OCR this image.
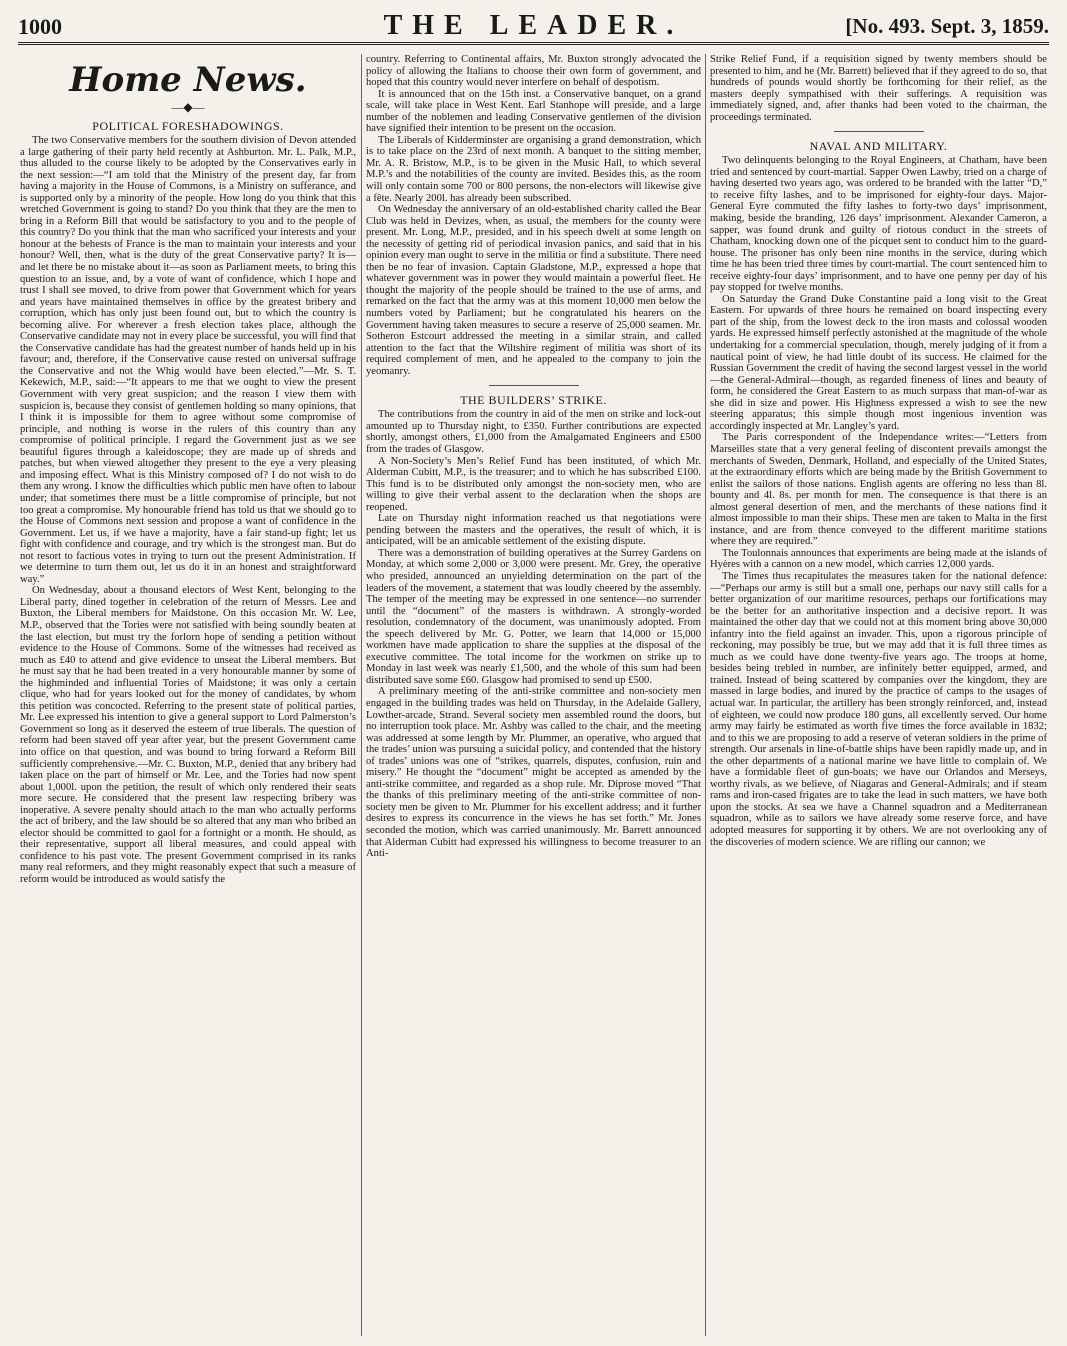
1000	THE LEADER.	[No. 493. Sept. 3, 1859.
Home News.
—◆—
POLITICAL FORESHADOWINGS.

The two Conservative members for the southern division of Devon attended a large gathering of their party held recently at Ashburton. Mr. L. Palk, M.P., thus alluded to the course likely to be adopted by the Conservatives early in the next session:—“I am told that the Ministry of the present day, far from having a majority in the House of Commons, is a Ministry on sufferance, and is supported only by a minority of the people. How long do you think that this wretched Government is going to stand? Do you think that they are the men to bring in a Reform Bill that would be satisfactory to you and to the people of this country? Do you think that the man who sacrificed your interests and your honour at the behests of France is the man to maintain your interests and your honour? Well, then, what is the duty of the great Conservative party? It is—and let there be no mistake about it—as soon as Parliament meets, to bring this question to an issue, and, by a vote of want of confidence, which I hope and trust I shall see moved, to drive from power that Government which for years and years have maintained themselves in office by the greatest bribery and corruption, which has only just been found out, but to which the country is becoming alive. For wherever a fresh election takes place, although the Conservative candidate may not in every place be successful, you will find that the Conservative candidate has had the greatest number of hands held up in his favour; and, therefore, if the Conservative cause rested on universal suffrage the Conservative and not the Whig would have been elected.”—Mr. S. T. Kekewich, M.P., said:—“It appears to me that we ought to view the present Government with very great suspicion; and the reason I view them with suspicion is, because they consist of gentlemen holding so many opinions, that I think it is impossible for them to agree without some compromise of principle, and nothing is worse in the rulers of this country than any compromise of political principle. I regard the Government just as we see beautiful figures through a kaleidoscope; they are made up of shreds and patches, but when viewed altogether they present to the eye a very pleasing and imposing effect. What is this Ministry composed of? I do not wish to do them any wrong. I know the difficulties which public men have often to labour under; that sometimes there must be a little compromise of principle, but not too great a compromise. My honourable friend has told us that we should go to the House of Commons next session and propose a want of confidence in the Government. Let us, if we have a majority, have a fair stand-up fight; let us fight with confidence and courage, and try which is the strongest man. But do not resort to factious votes in trying to turn out the present Administration. If we determine to turn them out, let us do it in an honest and straightforward way.”

On Wednesday, about a thousand electors of West Kent, belonging to the Liberal party, dined together in celebration of the return of Messrs. Lee and Buxton, the Liberal members for Maidstone. On this occasion Mr. W. Lee, M.P., observed that the Tories were not satisfied with being soundly beaten at the last election, but must try the forlorn hope of sending a petition without evidence to the House of Commons. Some of the witnesses had received as much as £40 to attend and give evidence to unseat the Liberal members. But he must say that he had been treated in a very honourable manner by some of the highminded and influential Tories of Maidstone; it was only a certain clique, who had for years looked out for the money of candidates, by whom this petition was concocted. Referring to the present state of political parties, Mr. Lee expressed his intention to give a general support to Lord Palmerston’s Government so long as it deserved the esteem of true liberals. The question of reform had been staved off year after year, but the present Government came into office on that question, and was bound to bring forward a Reform Bill sufficiently comprehensive.—Mr. C. Buxton, M.P., denied that any bribery had taken place on the part of himself or Mr. Lee, and the Tories had now spent about 1,000l. upon the petition, the result of which only rendered their seats more secure. He considered that the present law respecting bribery was inoperative. A severe penalty should attach to the man who actually performs the act of bribery, and the law should be so altered that any man who bribed an elector should be committed to gaol for a fortnight or a month. He should, as their representative, support all liberal measures, and could appeal with confidence to his past vote. The present Government comprised in its ranks many real reformers, and they might reasonably expect that such a measure of reform would be introduced as would satisfy the

country. Referring to Continental affairs, Mr. Buxton strongly advocated the policy of allowing the Italians to choose their own form of government, and hoped that this country would never interfere on behalf of despotism.

It is announced that on the 15th inst. a Conservative banquet, on a grand scale, will take place in West Kent. Earl Stanhope will preside, and a large number of the noblemen and leading Conservative gentlemen of the division have signified their intention to be present on the occasion.

The Liberals of Kidderminster are organising a grand demonstration, which is to take place on the 23rd of next month. A banquet to the sitting member, Mr. A. R. Bristow, M.P., is to be given in the Music Hall, to which several M.P.’s and the notabilities of the county are invited. Besides this, as the room will only contain some 700 or 800 persons, the non-electors will likewise give a fête. Nearly 200l. has already been subscribed.

On Wednesday the anniversary of an old-established charity called the Bear Club was held in Devizes, when, as usual, the members for the county were present. Mr. Long, M.P., presided, and in his speech dwelt at some length on the necessity of getting rid of periodical invasion panics, and said that in his opinion every man ought to serve in the militia or find a substitute. There need then be no fear of invasion. Captain Gladstone, M.P., expressed a hope that whatever government was in power they would maintain a powerful fleet. He thought the majority of the people should be trained to the use of arms, and remarked on the fact that the army was at this moment 10,000 men below the numbers voted by Parliament; but he congratulated his hearers on the Government having taken measures to secure a reserve of 25,000 seamen. Mr. Sotheron Estcourt addressed the meeting in a similar strain, and called attention to the fact that the Wiltshire regiment of militia was short of its required complement of men, and he appealed to the company to join the yeomanry.

THE BUILDERS’ STRIKE.

The contributions from the country in aid of the men on strike and lock-out amounted up to Thursday night, to £350. Further contributions are expected shortly, amongst others, £1,000 from the Amalgamated Engineers and £500 from the trades of Glasgow.

A Non-Society’s Men’s Relief Fund has been instituted, of which Mr. Alderman Cubitt, M.P., is the treasurer; and to which he has subscribed £100. This fund is to be distributed only amongst the non-society men, who are willing to give their verbal assent to the declaration when the shops are reopened.

Late on Thursday night information reached us that negotiations were pending between the masters and the operatives, the result of which, it is anticipated, will be an amicable settlement of the existing dispute.

There was a demonstration of building operatives at the Surrey Gardens on Monday, at which some 2,000 or 3,000 were present. Mr. Grey, the operative who presided, announced an unyielding determination on the part of the leaders of the movement, a statement that was loudly cheered by the assembly. The temper of the meeting may be expressed in one sentence—no surrender until the “document” of the masters is withdrawn. A strongly-worded resolution, condemnatory of the document, was unanimously adopted. From the speech delivered by Mr. G. Potter, we learn that 14,000 or 15,000 workmen have made application to share the supplies at the disposal of the executive committee. The total income for the workmen on strike up to Monday in last week was nearly £1,500, and the whole of this sum had been distributed save some £60. Glasgow had promised to send up £500.

A preliminary meeting of the anti-strike committee and non-society men engaged in the building trades was held on Thursday, in the Adelaide Gallery, Lowther-arcade, Strand. Several society men assembled round the doors, but no interruption took place. Mr. Ashby was called to the chair, and the meeting was addressed at some length by Mr. Plummer, an operative, who argued that the trades’ union was pursuing a suicidal policy, and contended that the history of trades’ unions was one of “strikes, quarrels, disputes, confusion, ruin and misery.” He thought the “document” might be accepted as amended by the anti-strike committee, and regarded as a shop rule. Mr. Diprose moved “That the thanks of this preliminary meeting of the anti-strike committee of non-society men be given to Mr. Plummer for his excellent address; and it further desires to express its concurrence in the views he has set forth.” Mr. Jones seconded the motion, which was carried unanimously. Mr. Barrett announced that Alderman Cubitt had expressed his willingness to become treasurer to an Anti-

Strike Relief Fund, if a requisition signed by twenty members should be presented to him, and he (Mr. Barrett) believed that if they agreed to do so, that hundreds of pounds would shortly be forthcoming for their relief, as the masters deeply sympathised with their sufferings. A requisition was immediately signed, and, after thanks had been voted to the chairman, the proceedings terminated.

NAVAL AND MILITARY.

Two delinquents belonging to the Royal Engineers, at Chatham, have been tried and sentenced by court-martial. Sapper Owen Lawby, tried on a charge of having deserted two years ago, was ordered to be branded with the latter “D,” to receive fifty lashes, and to be imprisoned for eighty-four days. Major-General Eyre commuted the fifty lashes to forty-two days’ imprisonment, making, beside the branding, 126 days’ imprisonment. Alexander Cameron, a sapper, was found drunk and guilty of riotous conduct in the streets of Chatham, knocking down one of the picquet sent to conduct him to the guard-house. The prisoner has only been nine months in the service, during which time he has been tried three times by court-martial. The court sentenced him to receive eighty-four days’ imprisonment, and to have one penny per day of his pay stopped for twelve months.

On Saturday the Grand Duke Constantine paid a long visit to the Great Eastern. For upwards of three hours he remained on board inspecting every part of the ship, from the lowest deck to the iron masts and colossal wooden yards. He expressed himself perfectly astonished at the magnitude of the whole undertaking for a commercial speculation, though, merely judging of it from a nautical point of view, he had little doubt of its success. He claimed for the Russian Government the credit of having the second largest vessel in the world—the General-Admiral—though, as regarded fineness of lines and beauty of form, he considered the Great Eastern to as much surpass that man-of-war as she did in size and power. His Highness expressed a wish to see the new steering apparatus; this simple though most ingenious invention was accordingly inspected at Mr. Langley’s yard.

The Paris correspondent of the Independance writes:—“Letters from Marseilles state that a very general feeling of discontent prevails amongst the merchants of Sweden, Denmark, Holland, and especially of the United States, at the extraordinary efforts which are being made by the British Government to enlist the sailors of those nations. English agents are offering no less than 8l. bounty and 4l. 8s. per month for men. The consequence is that there is an almost general desertion of men, and the merchants of these nations find it almost impossible to man their ships. These men are taken to Malta in the first instance, and are from thence conveyed to the different maritime stations where they are required.”

The Toulonnais announces that experiments are being made at the islands of Hyères with a cannon on a new model, which carries 12,000 yards.

The Times thus recapitulates the measures taken for the national defence:—“Perhaps our army is still but a small one, perhaps our navy still calls for a better organization of our maritime resources, perhaps our fortifications may be the better for an authoritative inspection and a decisive report. It was maintained the other day that we could not at this moment bring above 30,000 infantry into the field against an invader. This, upon a rigorous principle of reckoning, may possibly be true, but we may add that it is full three times as much as we could have done twenty-five years ago. The troops at home, besides being trebled in number, are infinitely better equipped, armed, and trained. Instead of being scattered by companies over the kingdom, they are massed in large bodies, and inured by the practice of camps to the usages of actual war. In particular, the artillery has been strongly reinforced, and, instead of eighteen, we could now produce 180 guns, all excellently served. Our home army may fairly be estimated as worth five times the force available in 1832; and to this we are proposing to add a reserve of veteran soldiers in the prime of strength. Our arsenals in line-of-battle ships have been rapidly made up, and in the other departments of a national marine we have little to complain of. We have a formidable fleet of gun-boats; we have our Orlandos and Merseys, worthy rivals, as we believe, of Niagaras and General-Admirals; and if steam rams and iron-cased frigates are to take the lead in such matters, we have both upon the stocks. At sea we have a Channel squadron and a Mediterranean squadron, while as to sailors we have already some reserve force, and have adopted measures for supporting it by others. We are not overlooking any of the discoveries of modern science. We are rifling our cannon; we
